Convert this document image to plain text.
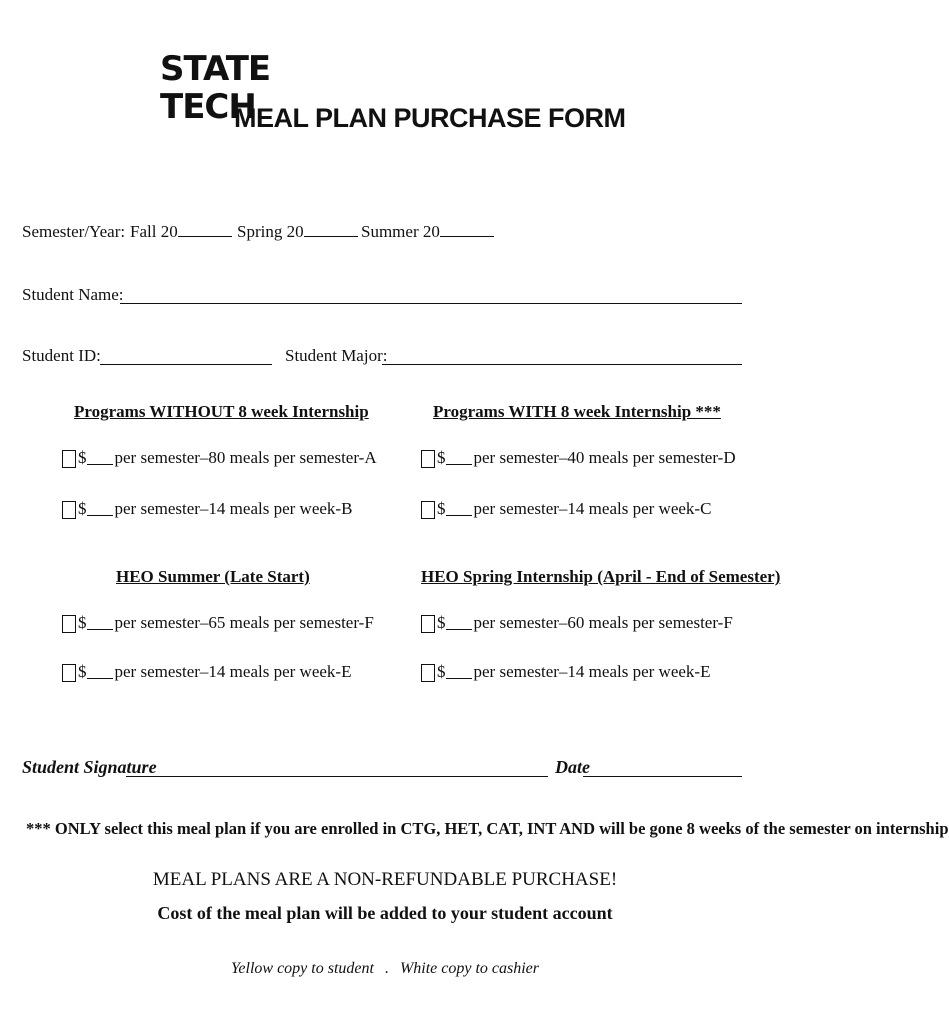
STATE
TECH
MEAL PLAN PURCHASE FORM
Semester/Year: Fall 20	Spring 20	Summer 20
Student Name:
Student ID:	Student Major:
Programs WITHOUT 8 week Internship
$ per semester–80 meals per semester-A
$ per semester–14 meals per week-B
Programs WITH 8 week Internship ***
$ per semester–40 meals per semester-D
$ per semester–14 meals per week-C
HEO Summer (Late Start)
$ per semester–65 meals per semester-F
$ per semester–14 meals per week-E
HEO Spring Internship (April - End of Semester)
$ per semester–60 meals per semester-F
$ per semester–14 meals per week-E
Student Signature	Date
*** ONLY select this meal plan if you are enrolled in CTG, HET, CAT, INT AND will be gone 8 weeks of the semester on internship
MEAL PLANS ARE A NON-REFUNDABLE PURCHASE!
Cost of the meal plan will be added to your student account
Yellow copy to student . White copy to cashier
